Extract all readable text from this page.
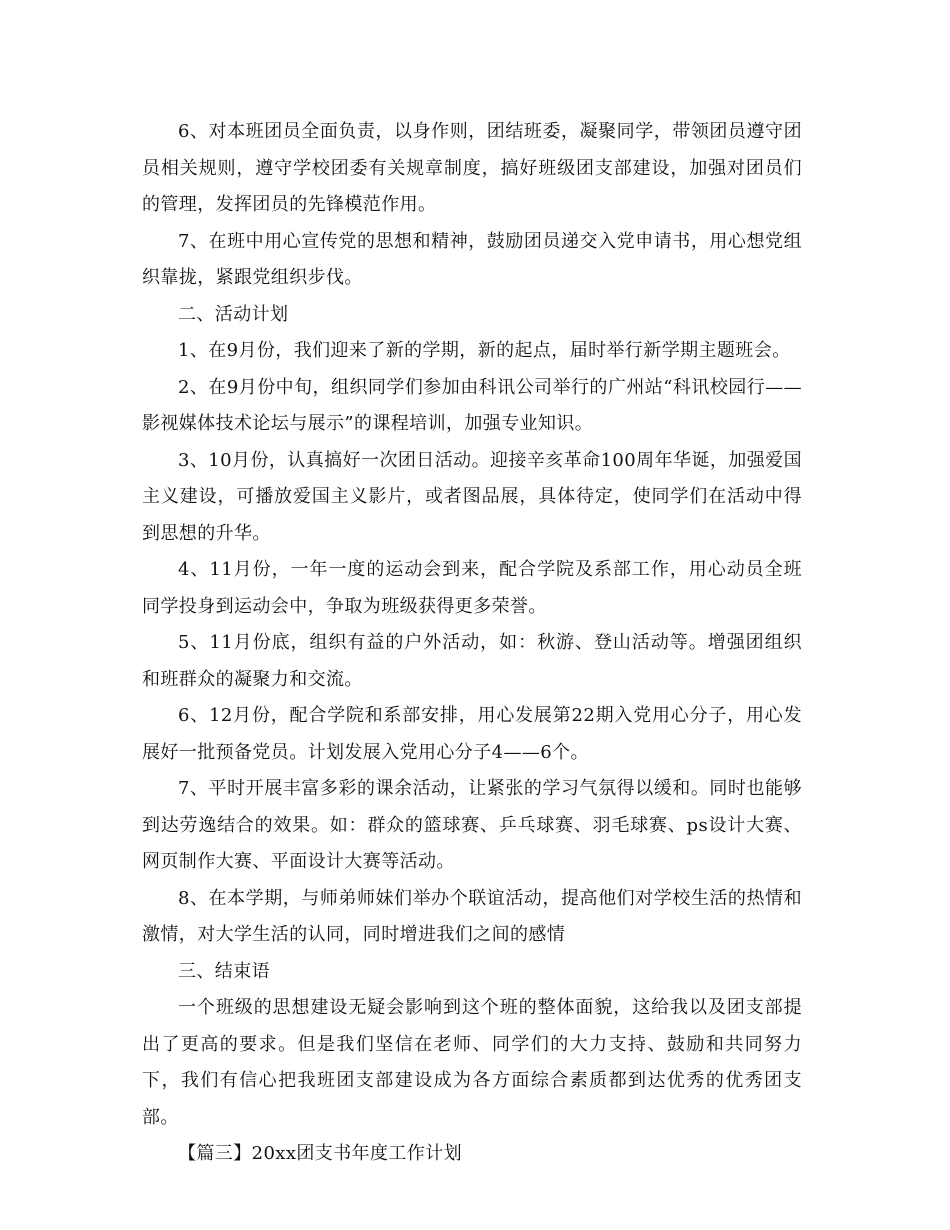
6、对本班团员全面负责，以身作则，团结班委，凝聚同学，带领团员遵守团员相关规则，遵守学校团委有关规章制度，搞好班级团支部建设，加强对团员们的管理，发挥团员的先锋模范作用。

7、在班中用心宣传党的思想和精神，鼓励团员递交入党申请书，用心想党组织靠拢，紧跟党组织步伐。

二、活动计划

1、在9月份，我们迎来了新的学期，新的起点，届时举行新学期主题班会。

2、在9月份中旬，组织同学们参加由科讯公司举行的广州站“科讯校园行——影视媒体技术论坛与展示”的课程培训，加强专业知识。

3、10月份，认真搞好一次团日活动。迎接辛亥革命100周年华诞，加强爱国主义建设，可播放爱国主义影片，或者图品展，具体待定，使同学们在活动中得到思想的升华。

4、11月份，一年一度的运动会到来，配合学院及系部工作，用心动员全班同学投身到运动会中，争取为班级获得更多荣誉。

5、11月份底，组织有益的户外活动，如：秋游、登山活动等。增强团组织和班群众的凝聚力和交流。

6、12月份，配合学院和系部安排，用心发展第22期入党用心分子，用心发展好一批预备党员。计划发展入党用心分子4——6个。

7、平时开展丰富多彩的课余活动，让紧张的学习气氛得以缓和。同时也能够到达劳逸结合的效果。如：群众的篮球赛、乒乓球赛、羽毛球赛、ps设计大赛、网页制作大赛、平面设计大赛等活动。

8、在本学期，与师弟师妹们举办个联谊活动，提高他们对学校生活的热情和激情，对大学生活的认同，同时增进我们之间的感情

三、结束语

一个班级的思想建设无疑会影响到这个班的整体面貌，这给我以及团支部提出了更高的要求。但是我们坚信在老师、同学们的大力支持、鼓励和共同努力下，我们有信心把我班团支部建设成为各方面综合素质都到达优秀的优秀团支部。

【篇三】20xx团支书年度工作计划
